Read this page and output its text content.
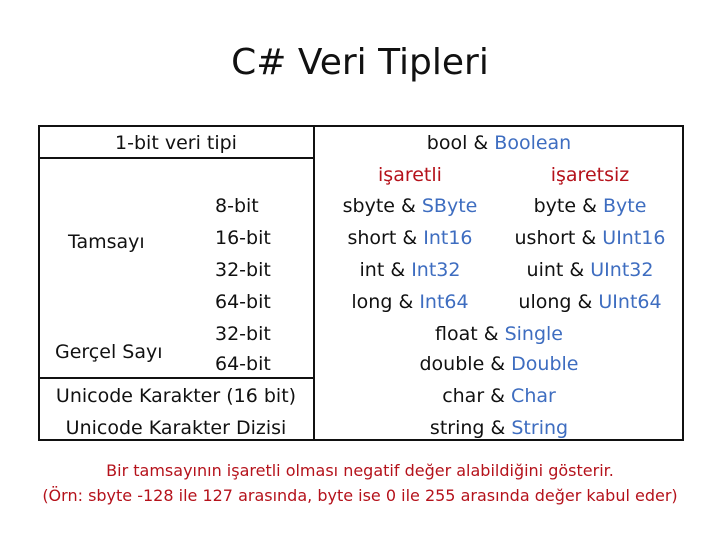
C# Veri Tipleri
1-bit veri tipi
Tamsayı
Gerçel Sayı
8-bit
16-bit
32-bit
64-bit
32-bit
64-bit
Unicode Karakter (16 bit)
Unicode Karakter Dizisi
bool & Boolean
işaretli	işaretsiz
sbyte & SByte
short & Int16
int & Int32
long & Int64
byte & Byte
ushort & UInt16
uint & UInt32
ulong & UInt64
float & Single
double & Double
char & Char
string & String
Bir tamsayının işaretli olması negatif değer alabildiğini gösterir.
(Örn: sbyte -128 ile 127 arasında, byte ise 0 ile 255 arasında değer kabul eder)
